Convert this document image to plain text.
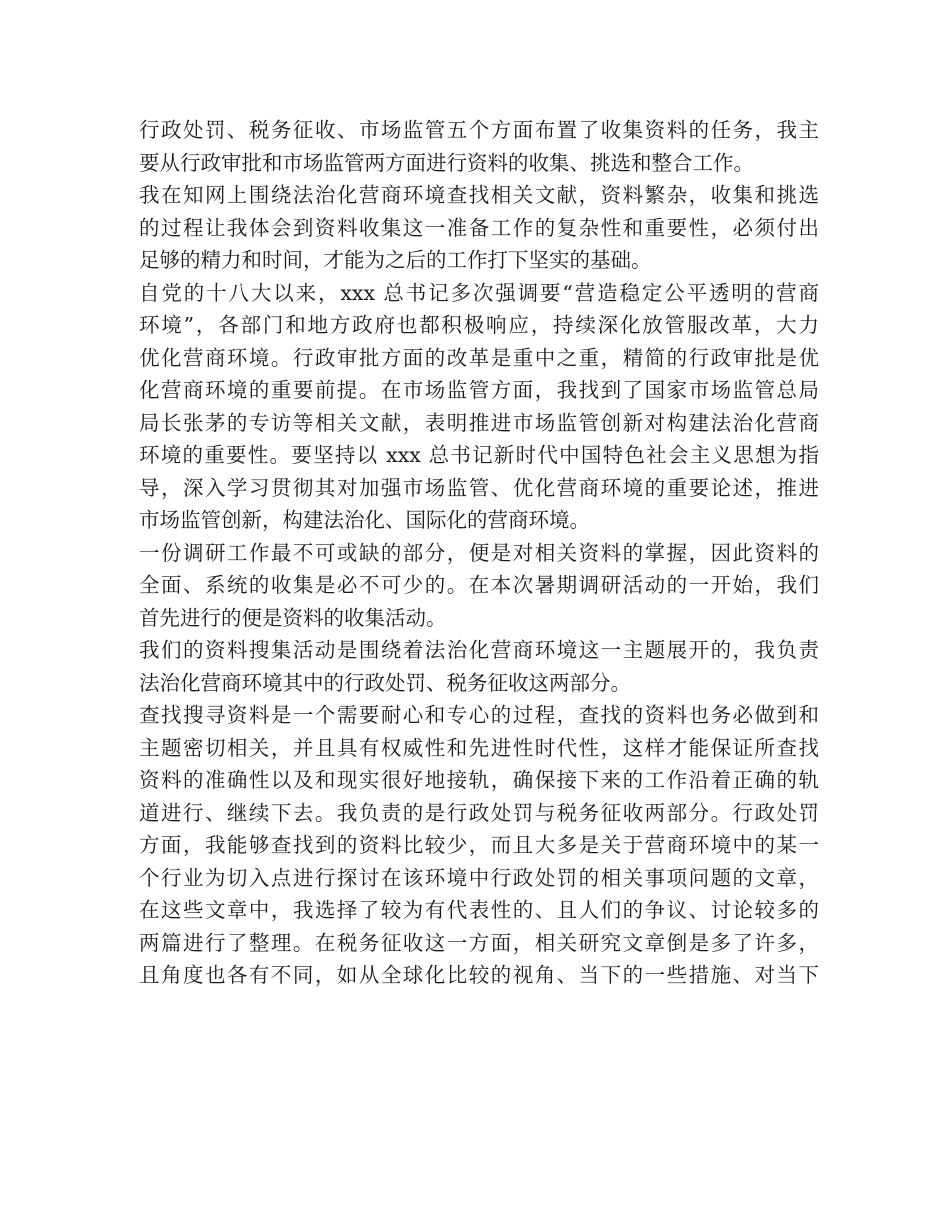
行政处罚、税务征收、市场监管五个方面布置了收集资料的任务，我主
要从行政审批和市场监管两方面进行资料的收集、挑选和整合工作。
我在知网上围绕法治化营商环境查找相关文献，资料繁杂，收集和挑选
的过程让我体会到资料收集这一准备工作的复杂性和重要性，必须付出
足够的精力和时间，才能为之后的工作打下坚实的基础。
自党的十八大以来，xxx 总书记多次强调要“营造稳定公平透明的营商
环境”，各部门和地方政府也都积极响应，持续深化放管服改革，大力
优化营商环境。行政审批方面的改革是重中之重，精简的行政审批是优
化营商环境的重要前提。在市场监管方面，我找到了国家市场监管总局
局长张茅的专访等相关文献，表明推进市场监管创新对构建法治化营商
环境的重要性。要坚持以 xxx 总书记新时代中国特色社会主义思想为指
导，深入学习贯彻其对加强市场监管、优化营商环境的重要论述，推进
市场监管创新，构建法治化、国际化的营商环境。
一份调研工作最不可或缺的部分，便是对相关资料的掌握，因此资料的
全面、系统的收集是必不可少的。在本次暑期调研活动的一开始，我们
首先进行的便是资料的收集活动。
我们的资料搜集活动是围绕着法治化营商环境这一主题展开的，我负责
法治化营商环境其中的行政处罚、税务征收这两部分。
查找搜寻资料是一个需要耐心和专心的过程，查找的资料也务必做到和
主题密切相关，并且具有权威性和先进性时代性，这样才能保证所查找
资料的准确性以及和现实很好地接轨，确保接下来的工作沿着正确的轨
道进行、继续下去。我负责的是行政处罚与税务征收两部分。行政处罚
方面，我能够查找到的资料比较少，而且大多是关于营商环境中的某一
个行业为切入点进行探讨在该环境中行政处罚的相关事项问题的文章，
在这些文章中，我选择了较为有代表性的、且人们的争议、讨论较多的
两篇进行了整理。在税务征收这一方面，相关研究文章倒是多了许多，
且角度也各有不同，如从全球化比较的视角、当下的一些措施、对当下
